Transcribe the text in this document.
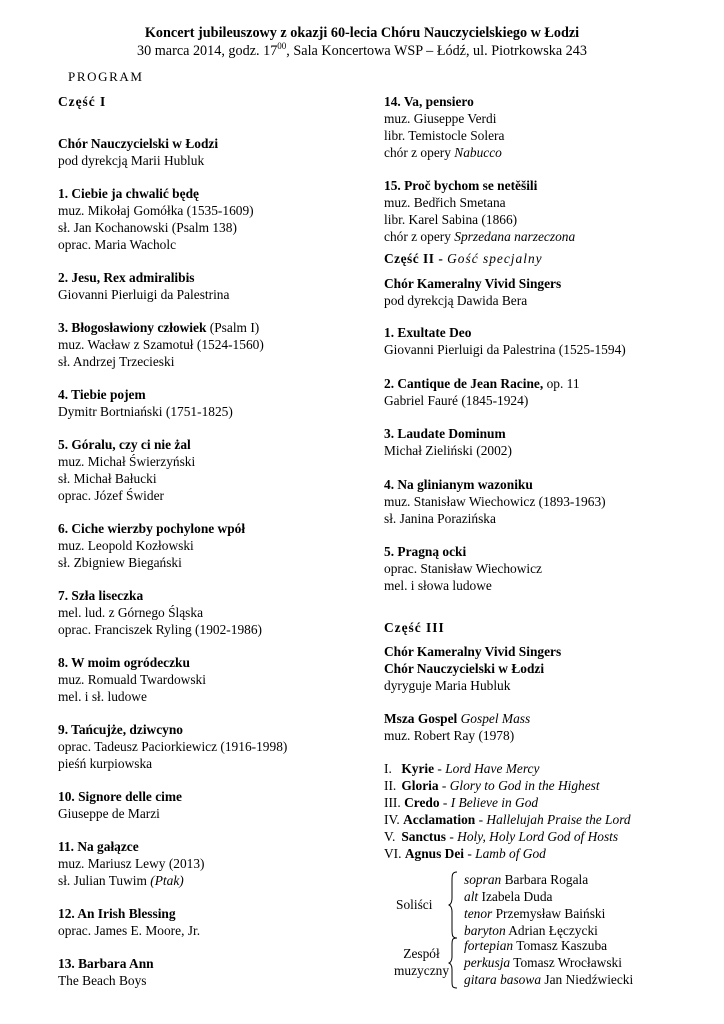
Koncert jubileuszowy z okazji 60-lecia Chóru Nauczycielskiego w Łodzi
30 marca 2014, godz. $17^{00}$, Sala Koncertowa WSP – Łódź, ul. Piotrkowska 243
PROGRAM
Część I
Chór Nauczycielski w Łodzi
pod dyrekcją Marii Hubluk
1. Ciebie ja chwalić będę
muz. Mikołaj Gomółka (1535-1609)
sł. Jan Kochanowski (Psalm 138)
oprac. Maria Wacholc
2. Jesu, Rex admiralibis
Giovanni Pierluigi da Palestrina
3. Błogosławiony człowiek (Psalm I)
muz. Wacław z Szamotuł (1524-1560)
sł. Andrzej Trzecieski
4. Tiebie pojem
Dymitr Bortniański (1751-1825)
5. Góralu, czy ci nie żal
muz. Michał Świerzyński
sł. Michał Bałucki
oprac. Józef Świder
6. Ciche wierzby pochylone wpół
muz. Leopold Kozłowski
sł. Zbigniew Biegański
7. Szła liseczka
mel. lud. z Górnego Śląska
oprac. Franciszek Ryling (1902-1986)
8. W moim ogródeczku
muz. Romuald Twardowski
mel. i sł. ludowe
9. Tańcujże, dziwcyno
oprac. Tadeusz Paciorkiewicz (1916-1998)
pieśń kurpiowska
10. Signore delle cime
Giuseppe de Marzi
11. Na gałązce
muz. Mariusz Lewy (2013)
sł. Julian Tuwim (Ptak)
12. An Irish Blessing
oprac. James E. Moore, Jr.
13. Barbara Ann
The Beach Boys
14. Va, pensiero
muz. Giuseppe Verdi
libr. Temistocle Solera
chór z opery Nabucco
15. Proč bychom se netěšili
muz. Bedřich Smetana
libr. Karel Sabina (1866)
chór z opery Sprzedana narzeczona
Część II - Gość specjalny
Chór Kameralny Vivid Singers
pod dyrekcją Dawida Bera
1. Exultate Deo
Giovanni Pierluigi da Palestrina (1525-1594)
2. Cantique de Jean Racine, op. 11
Gabriel Fauré (1845-1924)
3. Laudate Dominum
Michał Zieliński (2002)
4. Na glinianym wazoniku
muz. Stanisław Wiechowicz (1893-1963)
sł. Janina Porazińska
5. Pragną ocki
oprac. Stanisław Wiechowicz
mel. i słowa ludowe
Część III
Chór Kameralny Vivid Singers
Chór Nauczycielski w Łodzi
dyryguje Maria Hubluk
Msza Gospel Gospel Mass
muz. Robert Ray (1978)
I. Kyrie - Lord Have Mercy
II. Gloria - Glory to God in the Highest
III. Credo - I Believe in God
IV. Acclamation - Hallelujah Praise the Lord
V. Sanctus - Holy, Holy Lord God of Hosts
VI. Agnus Dei - Lamb of God
Soliści
sopran Barbara Rogala
alt Izabela Duda
tenor Przemysław Baiński
baryton Adrian Łęczycki
Zespół
muzyczny
fortepian Tomasz Kaszuba
perkusja Tomasz Wrocławski
gitara basowa Jan Niedźwiecki
